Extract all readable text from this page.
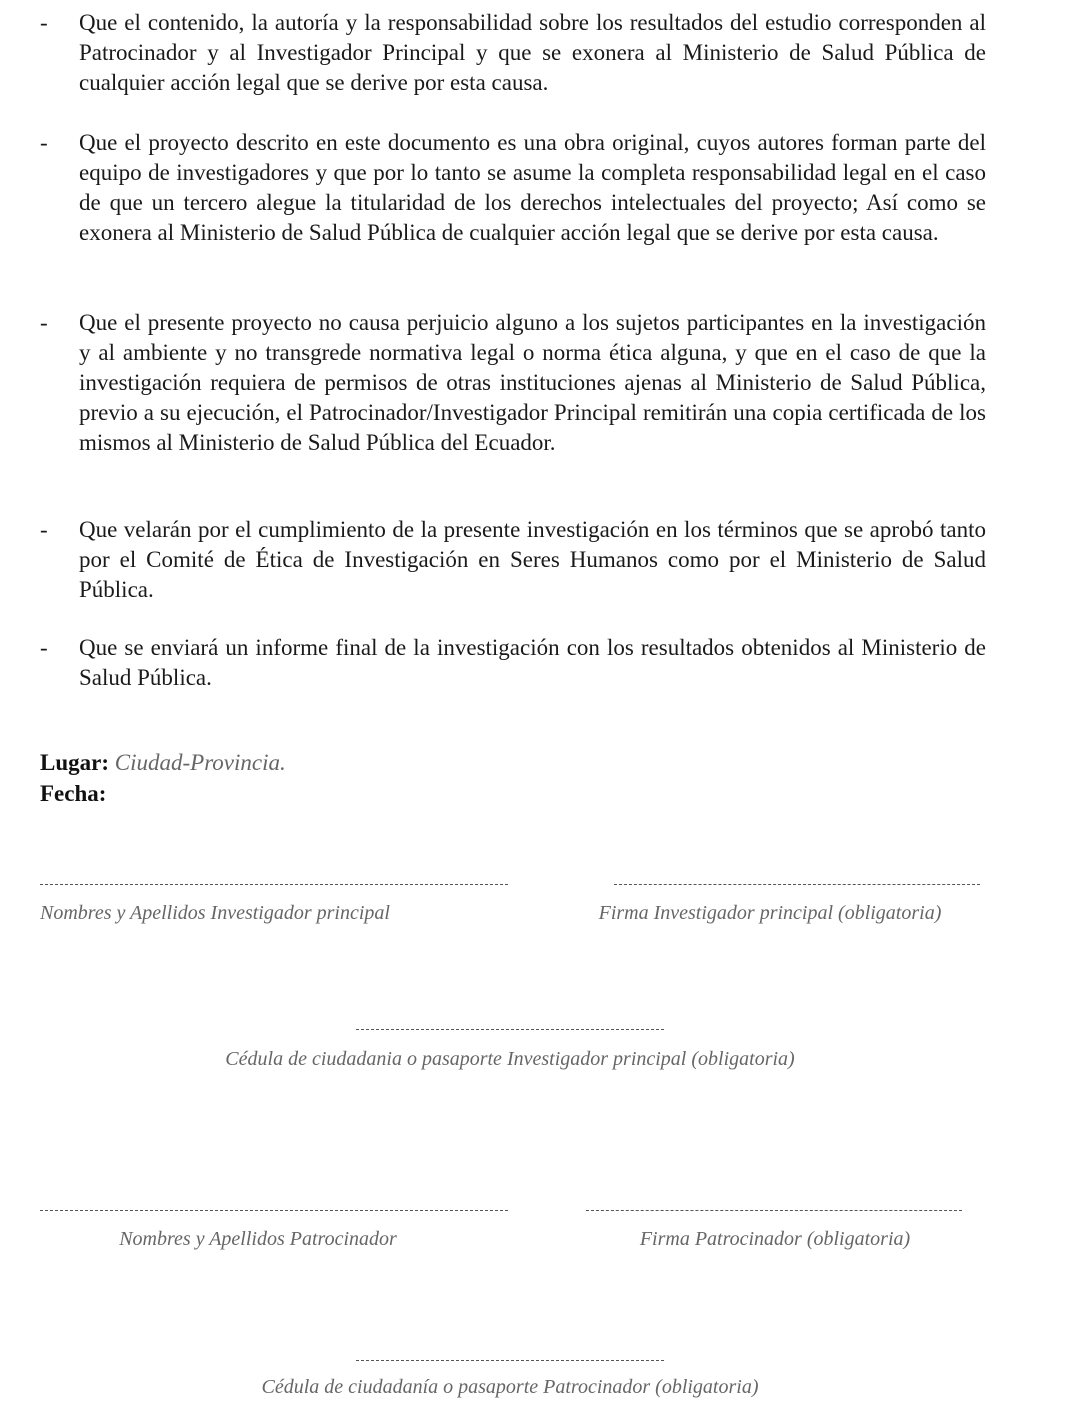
- Que el contenido, la autoría y la responsabilidad sobre los resultados del estudio corresponden al Patrocinador y al Investigador Principal y que se exonera al Ministerio de Salud Pública de cualquier acción legal que se derive por esta causa.
- Que el proyecto descrito en este documento es una obra original, cuyos autores forman parte del equipo de investigadores y que por lo tanto se asume la completa responsabilidad legal en el caso de que un tercero alegue la titularidad de los derechos intelectuales del proyecto; Así como se exonera al Ministerio de Salud Pública de cualquier acción legal que se derive por esta causa.
- Que el presente proyecto no causa perjuicio alguno a los sujetos participantes en la investigación y al ambiente y no transgrede normativa legal o norma ética alguna, y que en el caso de que la investigación requiera de permisos de otras instituciones ajenas al Ministerio de Salud Pública, previo a su ejecución, el Patrocinador/Investigador Principal remitirán una copia certificada de los mismos al Ministerio de Salud Pública del Ecuador.
- Que velarán por el cumplimiento de la presente investigación en los términos que se aprobó tanto por el Comité de Ética de Investigación en Seres Humanos como por el Ministerio de Salud Pública.
- Que se enviará un informe final de la investigación con los resultados obtenidos al Ministerio de Salud Pública.
Lugar: Ciudad-Provincia.
Fecha:
Nombres y Apellidos Investigador principal	Firma Investigador principal (obligatoria)
Cédula de ciudadania o pasaporte Investigador principal (obligatoria)
Nombres y Apellidos Patrocinador	Firma Patrocinador (obligatoria)
Cédula de ciudadanía o pasaporte Patrocinador (obligatoria)
